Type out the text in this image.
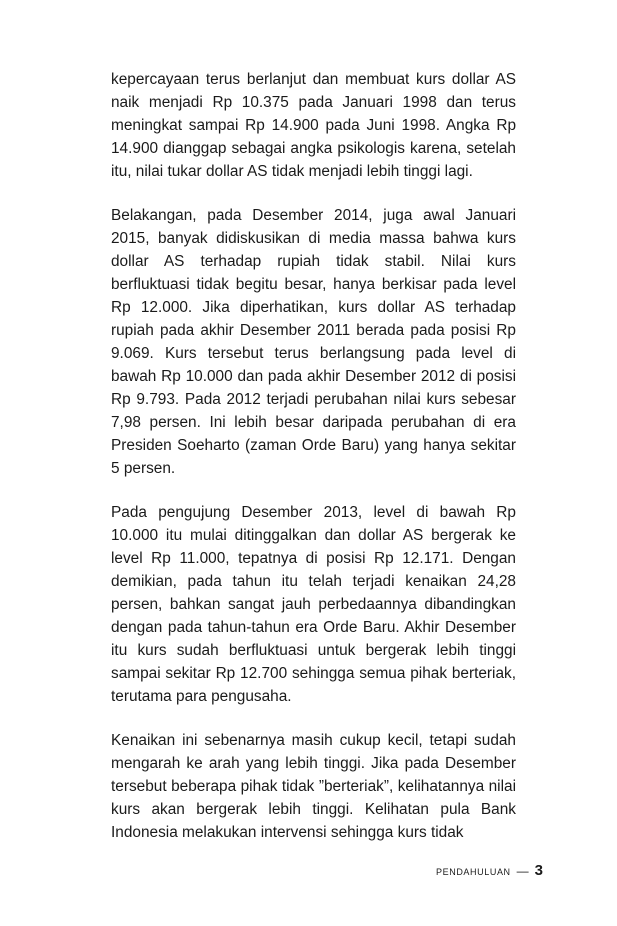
kepercayaan terus berlanjut dan membuat kurs dollar AS naik menjadi Rp 10.375 pada Januari 1998 dan terus meningkat sampai Rp 14.900 pada Juni 1998. Angka Rp 14.900 dianggap sebagai angka psikologis karena, setelah itu, nilai tukar dollar AS tidak menjadi lebih tinggi lagi.

Belakangan, pada Desember 2014, juga awal Januari 2015, banyak didiskusikan di media massa bahwa kurs dollar AS terhadap rupiah tidak stabil. Nilai kurs berfluktuasi tidak begitu besar, hanya berkisar pada level Rp 12.000. Jika diperhatikan, kurs dollar AS terhadap rupiah pada akhir Desember 2011 berada pada posisi Rp 9.069. Kurs tersebut terus berlangsung pada level di bawah Rp 10.000 dan pada akhir Desember 2012 di posisi Rp 9.793. Pada 2012 terjadi perubahan nilai kurs sebesar 7,98 persen. Ini lebih besar daripada perubahan di era Presiden Soeharto (zaman Orde Baru) yang hanya sekitar 5 persen.

Pada pengujung Desember 2013, level di bawah Rp 10.000 itu mulai ditinggalkan dan dollar AS bergerak ke level Rp 11.000, tepatnya di posisi Rp 12.171. Dengan demikian, pada tahun itu telah terjadi kenaikan 24,28 persen, bahkan sangat jauh perbedaannya dibandingkan dengan pada tahun-tahun era Orde Baru. Akhir Desember itu kurs sudah berfluktuasi untuk bergerak lebih tinggi sampai sekitar Rp 12.700 sehingga semua pihak berteriak, terutama para pengusaha.

Kenaikan ini sebenarnya masih cukup kecil, tetapi sudah mengarah ke arah yang lebih tinggi. Jika pada Desember tersebut beberapa pihak tidak ”berteriak”, kelihatannya nilai kurs akan bergerak lebih tinggi. Kelihatan pula Bank Indonesia melakukan intervensi sehingga kurs tidak

PENDAHULUAN — 3
